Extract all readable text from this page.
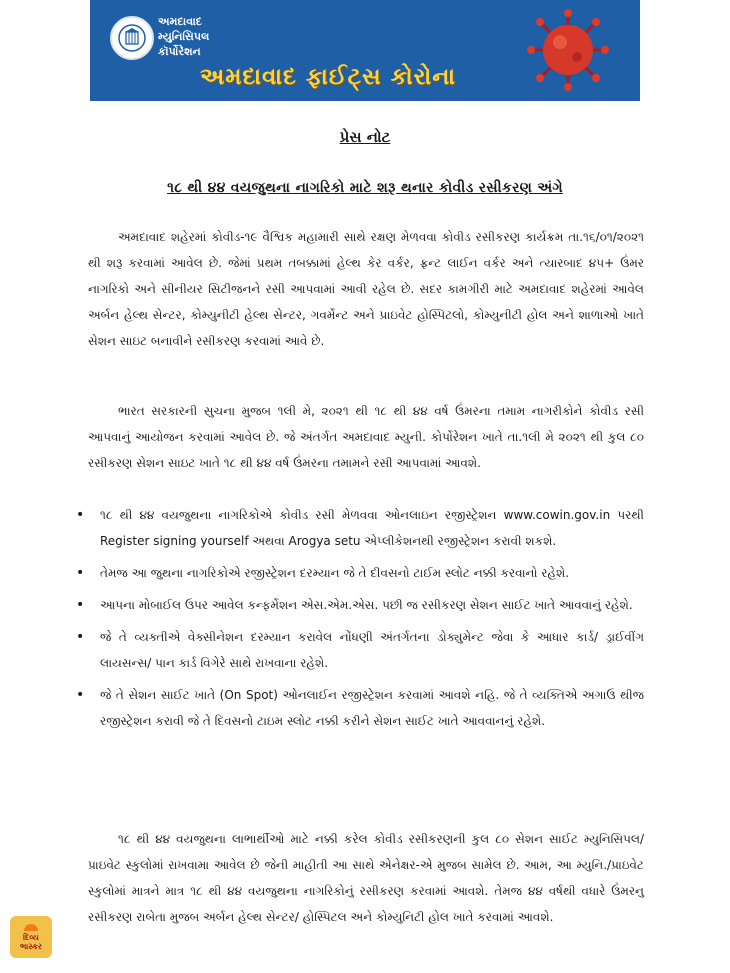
અમદાવાદ
મ્યુનિસિપલ
કૉર્પોરેશન
અમદાવાદ ફાઈટ્સ કોરોના
પ્રેસ નોટ
૧૮ થી ૪૪ વયજુથના નાગરિકો માટે શરૂ થનાર કોવીડ રસીકરણ અંગે

અમદાવાદ શહેરમાં કોવીડ-૧૯ વૈશ્વિક મહામારી સાથે રક્ષણ મેળવવા કોવીડ રસીકરણ કાર્યક્રમ તા.૧૬/૦૧/૨૦૨૧ થી શરૂ કરવામાં આવેલ છે. જેમાં પ્રથમ તબક્કામાં હેલ્થ કેર વર્કર, ફ્રન્ટ લાઈન વર્કર અને ત્યારબાદ ૪૫+ ઉંમર નાગરિકો અને સીનીયર સિટીજનને રસી આપવામાં આવી રહેલ છે. સદર કામગીરી માટે અમદાવાદ શહેરમાં આવેલ અર્બન હેલ્થ સેન્ટર, કોમ્યુનીટી હેલ્થ સેન્ટર, ગવર્મેન્ટ અને પ્રાઇવેટ હોસ્પિટલો, કોમ્યુનીટી હોલ અને શાળાઓ ખાતે સેશન સાઇટ બનાવીને રસીકરણ કરવામાં આવે છે.

ભારત સરકારની સુચના મુજબ ૧લી મે, ૨૦૨૧ થી ૧૮ થી ૪૪ વર્ષ ઉંમરના તમામ નાગરીકોને કોવીડ રસી આપવાનું આયોજન કરવામાં આવેલ છે. જે અંતર્ગત અમદાવાદ મ્યુની. કોર્પોરેશન ખાતે તા.૧લી મે ૨૦૨૧ થી કુલ ૮૦ રસીકરણ સેશન સાઇટ ખાતે ૧૮ થી ૪૪ વર્ષ ઉંમરના તમામને રસી આપવામાં આવશે.

• ૧૮ થી ૪૪ વયજુથના નાગરિકોએ કોવીડ રસી મેળવવા ઓનલાઇન રજીસ્ટ્રેશન www.cowin.gov.in પરથી Register signing yourself અથવા Arogya setu એપ્લીકેશનથી રજીસ્ટ્રેશન કરાવી શકશે.
• તેમજ આ જુથના નાગરિકોએ રજીસ્ટ્રેશન દરમ્યાન જે તે દીવસનો ટાઈમ સ્લોટ નક્કી કરવાનો રહેશે.
• આપના મોબાઈલ ઉપર આવેલ કન્ફર્મેશન એસ.એમ.એસ. પછી જ રસીકરણ સેશન સાઈટ ખાતે આવવાનું રહેશે.
• જે તે વ્યક્તીએ વેક્સીનેશન દરમ્યાન કરાવેલ નોંધણી અંતર્ગતના ડોક્યુમેન્ટ જેવા કે આધાર કાર્ડ/ ડ્રાઈવીંગ લાયસન્સ/ પાન કાર્ડ વિગેરે સાથે રાખવાના રહેશે.
• જે તે સેશન સાઈટ ખાતે (On Spot) ઓનલાઈન રજીસ્ટ્રેશન કરવામાં આવશે નહિ. જે તે વ્યક્તિએ અગાઉ થીજ રજીસ્ટ્રેશન કરાવી જે તે દિવસનો ટાઇમ સ્લોટ નક્કી કરીને સેશન સાઈટ ખાતે આવવાનનું રહેશે.

૧૮ થી ૪૪ વયજુથના લાભાર્થીઓ માટે નક્કી કરેલ કોવીડ રસીકરણની કુલ ૮૦ સેશન સાઈટ મ્યુનિસિપલ/પ્રાઇવેટ સ્કુલોમાં રાખવામા આવેલ છે જેની માહીતી આ સાથે એનેક્ષર-એ મુજબ સામેલ છે. આમ, આ મ્યુનિ./પ્રાઇવેટ સ્કુલોમાં માત્રને માત્ર ૧૮ થી ૪૪ વયજુથના નાગરિકોનું રસીકરણ કરવામાં આવશે. તેમજ ૪૪ વર્ષથી વધારે ઉંમરનુ રસીકરણ રાબેતા મુજબ અર્બન હેલ્થ સેન્ટર/ હોસ્પિટલ અને કોમ્યુનિટી હોલ ખાતે કરવામાં આવશે.

દિવ્ય
ભાસ્કર
